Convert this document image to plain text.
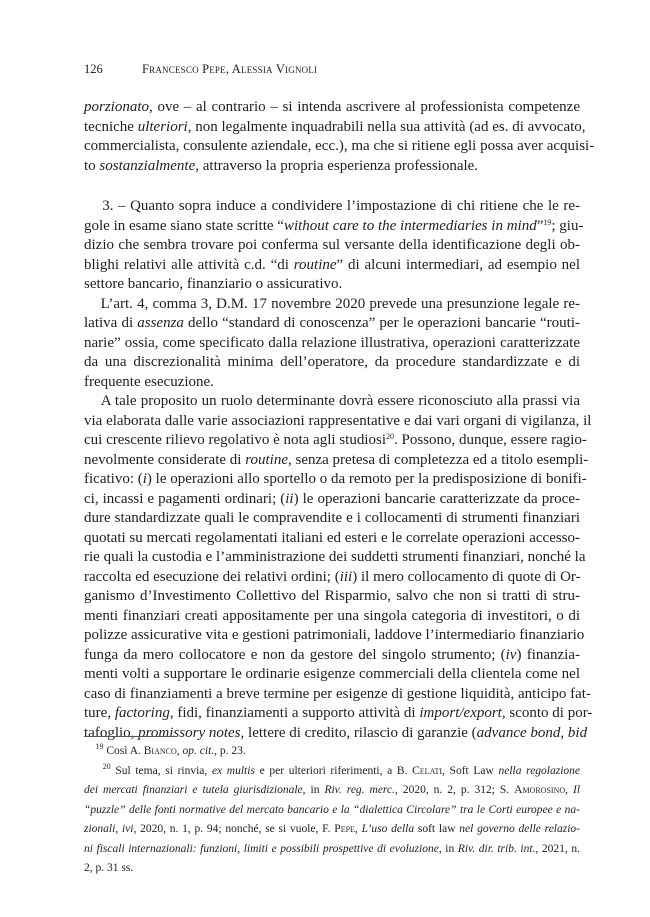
126	Francesco Pepe, Alessia Vignoli
porzionato, ove – al contrario – si intenda ascrivere al professionista competenze
tecniche ulteriori, non legalmente inquadrabili nella sua attività (ad es. di avvocato,
commercialista, consulente aziendale, ecc.), ma che si ritiene egli possa aver acquisi-
to sostanzialmente, attraverso la propria esperienza professionale.
3. – Quanto sopra induce a condividere l’impostazione di chi ritiene che le re-
gole in esame siano state scritte “without care to the intermediaries in mind”$^{19}$; giu-
dizio che sembra trovare poi conferma sul versante della identificazione degli ob-
blighi relativi alle attività c.d. “di routine” di alcuni intermediari, ad esempio nel
settore bancario, finanziario o assicurativo.
L’art. 4, comma 3, D.M. 17 novembre 2020 prevede una presunzione legale re-
lativa di assenza dello “standard di conoscenza” per le operazioni bancarie “routi-
narie” ossia, come specificato dalla relazione illustrativa, operazioni caratterizzate
da una discrezionalità minima dell’operatore, da procedure standardizzate e di
frequente esecuzione.
A tale proposito un ruolo determinante dovrà essere riconosciuto alla prassi via
via elaborata dalle varie associazioni rappresentative e dai vari organi di vigilanza, il
cui crescente rilievo regolativo è nota agli studiosi$^{20}$. Possono, dunque, essere ragio-
nevolmente considerate di routine, senza pretesa di completezza ed a titolo esempli-
ficativo: (i) le operazioni allo sportello o da remoto per la predisposizione di bonifi-
ci, incassi e pagamenti ordinari; (ii) le operazioni bancarie caratterizzate da proce-
dure standardizzate quali le compravendite e i collocamenti di strumenti finanziari
quotati su mercati regolamentati italiani ed esteri e le correlate operazioni accesso-
rie quali la custodia e l’amministrazione dei suddetti strumenti finanziari, nonché la
raccolta ed esecuzione dei relativi ordini; (iii) il mero collocamento di quote di Or-
ganismo d’Investimento Collettivo del Risparmio, salvo che non si tratti di stru-
menti finanziari creati appositamente per una singola categoria di investitori, o di
polizze assicurative vita e gestioni patrimoniali, laddove l’intermediario finanziario
funga da mero collocatore e non da gestore del singolo strumento; (iv) finanzia-
menti volti a supportare le ordinarie esigenze commerciali della clientela come nel
caso di finanziamenti a breve termine per esigenze di gestione liquidità, anticipo fat-
ture, factoring, fidi, finanziamenti a supporto attività di import/export, sconto di por-
tafoglio, promissory notes, lettere di credito, rilascio di garanzie (advance bond, bid
$^{19}$ Così A. Bianco, op. cit., p. 23.
$^{20}$ Sul tema, si rinvia, ex multis e per ulteriori riferimenti, a B. Celati, Soft Law nella regolazione
dei mercati finanziari e tutela giurisdizionale, in Riv. reg. merc., 2020, n. 2, p. 312; S. Amorosino, Il
“puzzle” delle fonti normative del mercato bancario e la “dialettica Circolare” tra le Corti europee e na-
zionali, ivi, 2020, n. 1, p. 94; nonché, se si vuole, F. Pepe, L’uso della soft law nel governo delle relazio-
ni fiscali internazionali: funzioni, limiti e possibili prospettive di evoluzione, in Riv. dir. trib. int., 2021, n.
2, p. 31 ss.
